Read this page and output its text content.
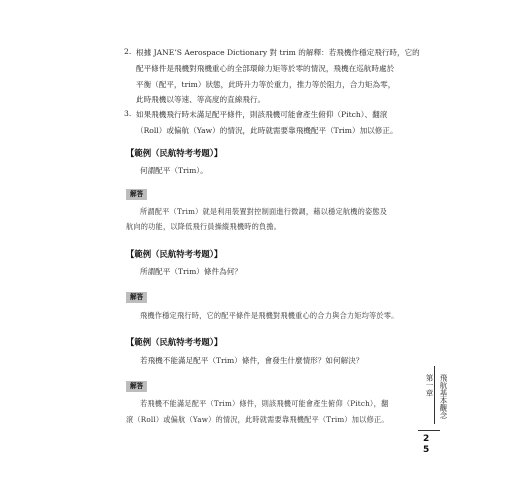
2. 根據 JANE’S Aerospace Dictionary 對 trim 的解釋：若飛機作穩定飛行時，它的
配平條件是飛機對飛機重心的全部環餘力矩等於零的情況，飛機在巡航時處於
平衡（配平，trim）狀態，此時升力等於重力，推力等於阻力，合力矩為零，
此時飛機以等速、等高度的直線飛行。
3. 如果飛機飛行時未滿足配平條件，則該飛機可能會產生俯仰（Pitch）、翻滾
（Roll）或偏航（Yaw）的情況，此時就需要靠飛機配平（Trim）加以修正。
【範例（民航特考考題）】
何謂配平（Trim）。
解答
所謂配平（Trim）就是利用裝置對控制面進行微調，藉以穩定航機的姿態及
航向的功能，以降低飛行員操縱飛機時的負擔。
【範例（民航特考考題）】
所謂配平（Trim）條件為何？
解答
飛機作穩定飛行時，它的配平條件是飛機對飛機重心的合力與合力矩均等於零。
【範例（民航特考考題）】
若飛機不能滿足配平（Trim）條件，會發生什麼情形？如何解決？
解答
若飛機不能滿足配平（Trim）條件，則該飛機可能會產生俯仰（Pitch），翻
滾（Roll）或偏航（Yaw）的情況，此時就需要靠飛機配平（Trim）加以修正。
第一章 飛航基本觀念
2
5
